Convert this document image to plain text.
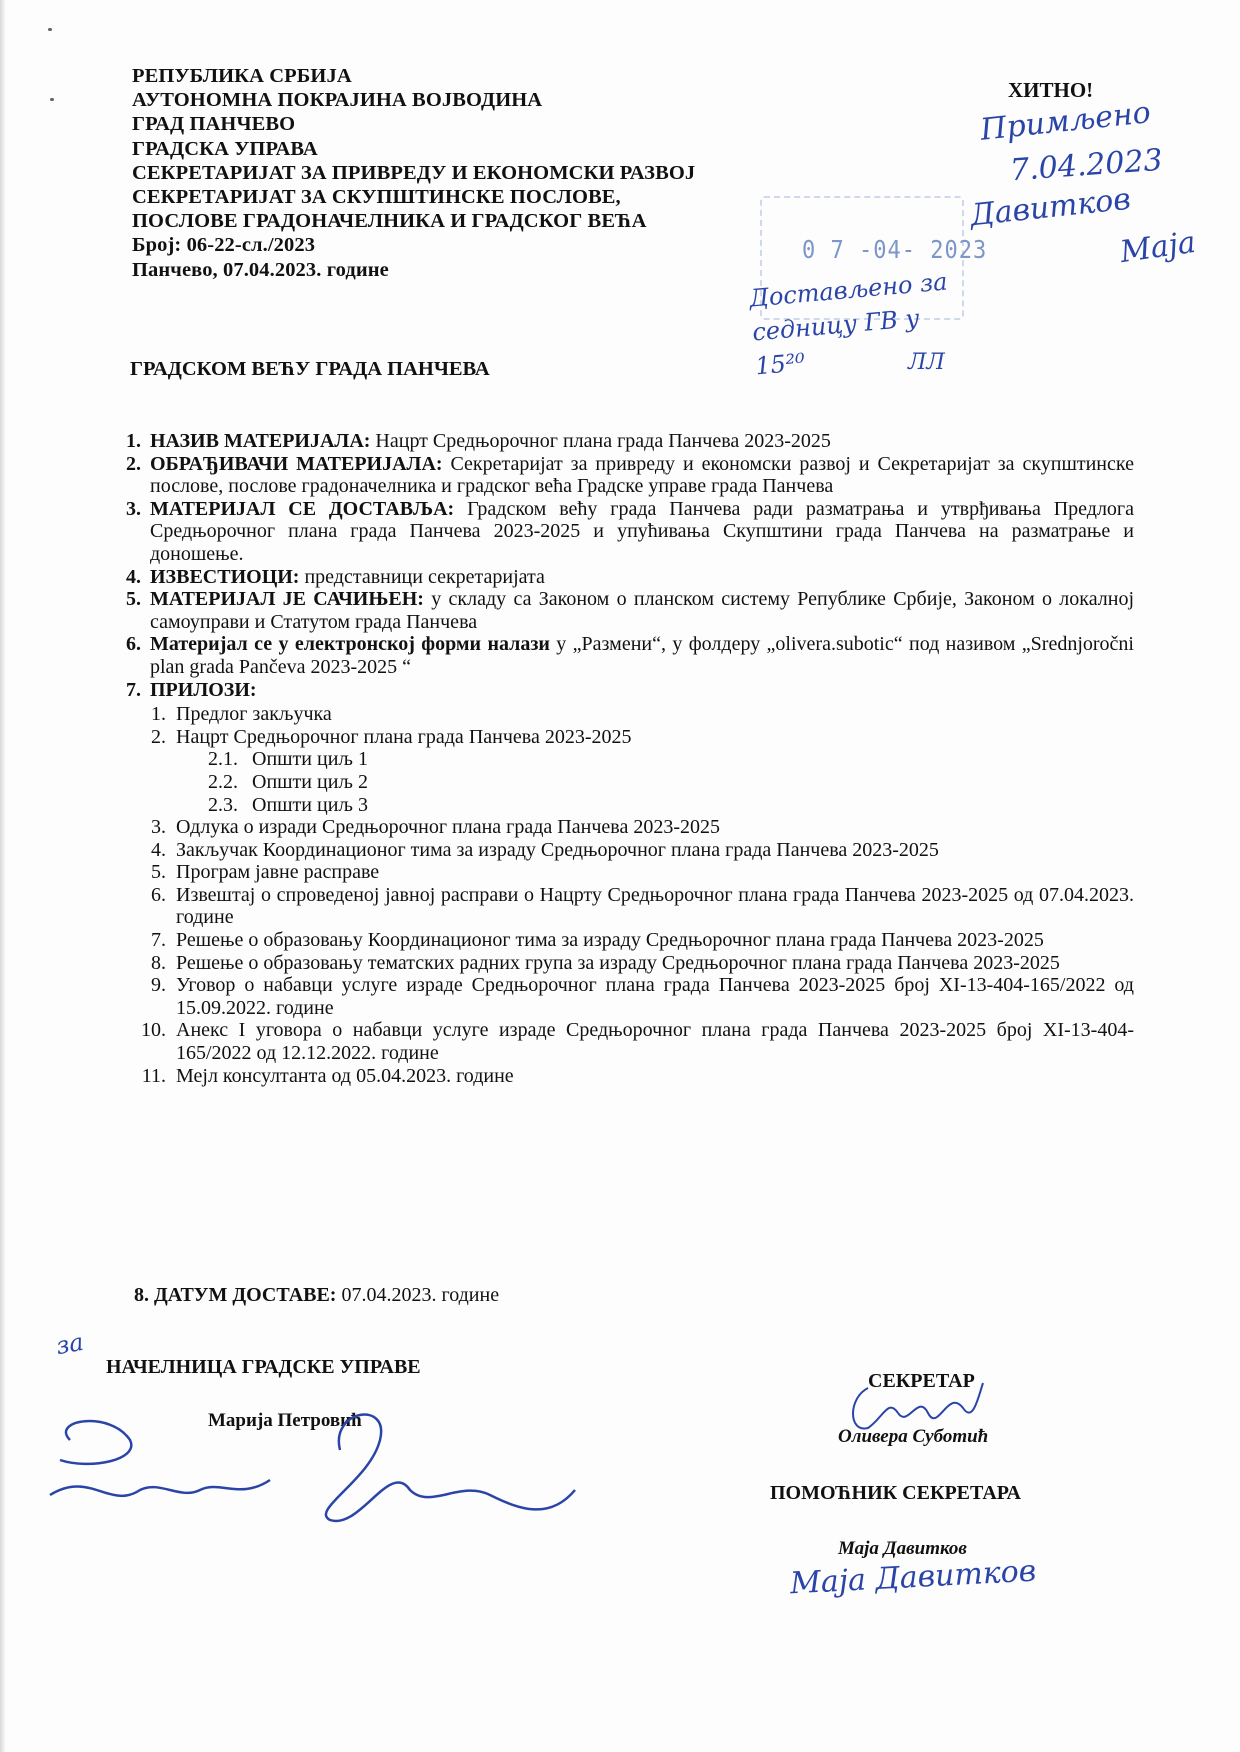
РЕПУБЛИКА СРБИЈА
АУТОНОМНА ПОКРАЈИНА ВОЈВОДИНА
ГРАД ПАНЧЕВО
ГРАДСКА УПРАВА
СЕКРЕТАРИЈАТ ЗА ПРИВРЕДУ И ЕКОНОМСКИ РАЗВОЈ
СЕКРЕТАРИЈАТ ЗА СКУПШТИНСКЕ ПОСЛОВЕ,
ПОСЛОВЕ ГРАДОНАЧЕЛНИКА И ГРАДСКОГ ВЕЋА
Број: 06-22-сл./2023
Панчево, 07.04.2023. године
ХИТНО!
Примљено
7.04.2023
Давитков
Маја
0 7 -04- 2023
Достављено за седницу ГВ у 15²⁰	ЛЛ
ГРАДСКОМ ВЕЋУ ГРАДА ПАНЧЕВА
1. НАЗИВ МАТЕРИЈАЛА: Нацрт Средњорочног плана града Панчева 2023-2025
2. ОБРАЂИВАЧИ МАТЕРИЈАЛА: Секретаријат за привреду и економски развој и Секретаријат за скупштинске послове, послове градоначелника и градског већа Градске управе града Панчева
3. МАТЕРИЈАЛ СЕ ДОСТАВЉА: Градском већу града Панчева ради разматрања и утврђивања Предлога Средњорочног плана града Панчева 2023-2025 и упућивања Скупштини града Панчева на разматрање и доношење.
4. ИЗВЕСТИОЦИ: представници секретаријата
5. МАТЕРИЈАЛ ЈЕ САЧИЊЕН: у складу са Законом о планском систему Републике Србије, Законом о локалној самоуправи и Статутом града Панчева
6. Материјал се у електронској форми налази у „Размени“, у фолдеру „olivera.subotic“ под називом „Srednjoročni plan grada Pančeva 2023-2025 “
7. ПРИЛОЗИ:
1. Предлог закључка
2. Нацрт Средњорочног плана града Панчева 2023-2025
2.1. Општи циљ 1
2.2. Општи циљ 2
2.3. Општи циљ 3
3. Одлука о изради Средњорочног плана града Панчева 2023-2025
4. Закључак Координационог тима за израду Средњорочног плана града Панчева 2023-2025
5. Програм јавне расправе
6. Извештај о спроведеној јавној расправи о Нацрту Средњорочног плана града Панчева 2023-2025 од 07.04.2023. године
7. Решење о образовању Координационог тима за израду Средњорочног плана града Панчева 2023-2025
8. Решење о образовању тематских радних група за израду Средњорочног плана града Панчева 2023-2025
9. Уговор о набавци услуге израде Средњорочног плана града Панчева 2023-2025 број XI-13-404-165/2022 од 15.09.2022. године
10. Анекс I уговора о набавци услуге израде Средњорочног плана града Панчева 2023-2025 број XI-13-404-165/2022 од 12.12.2022. године
11. Мејл консултанта од 05.04.2023. године
8. ДАТУМ ДОСТАВЕ: 07.04.2023. године
за
НАЧЕЛНИЦА ГРАДСКЕ УПРАВЕ
Марија Петровић
СЕКРЕТАР
Оливера Суботић
ПОМОЋНИК СЕКРЕТАРА
Маја Давитков
Маја Давитков
